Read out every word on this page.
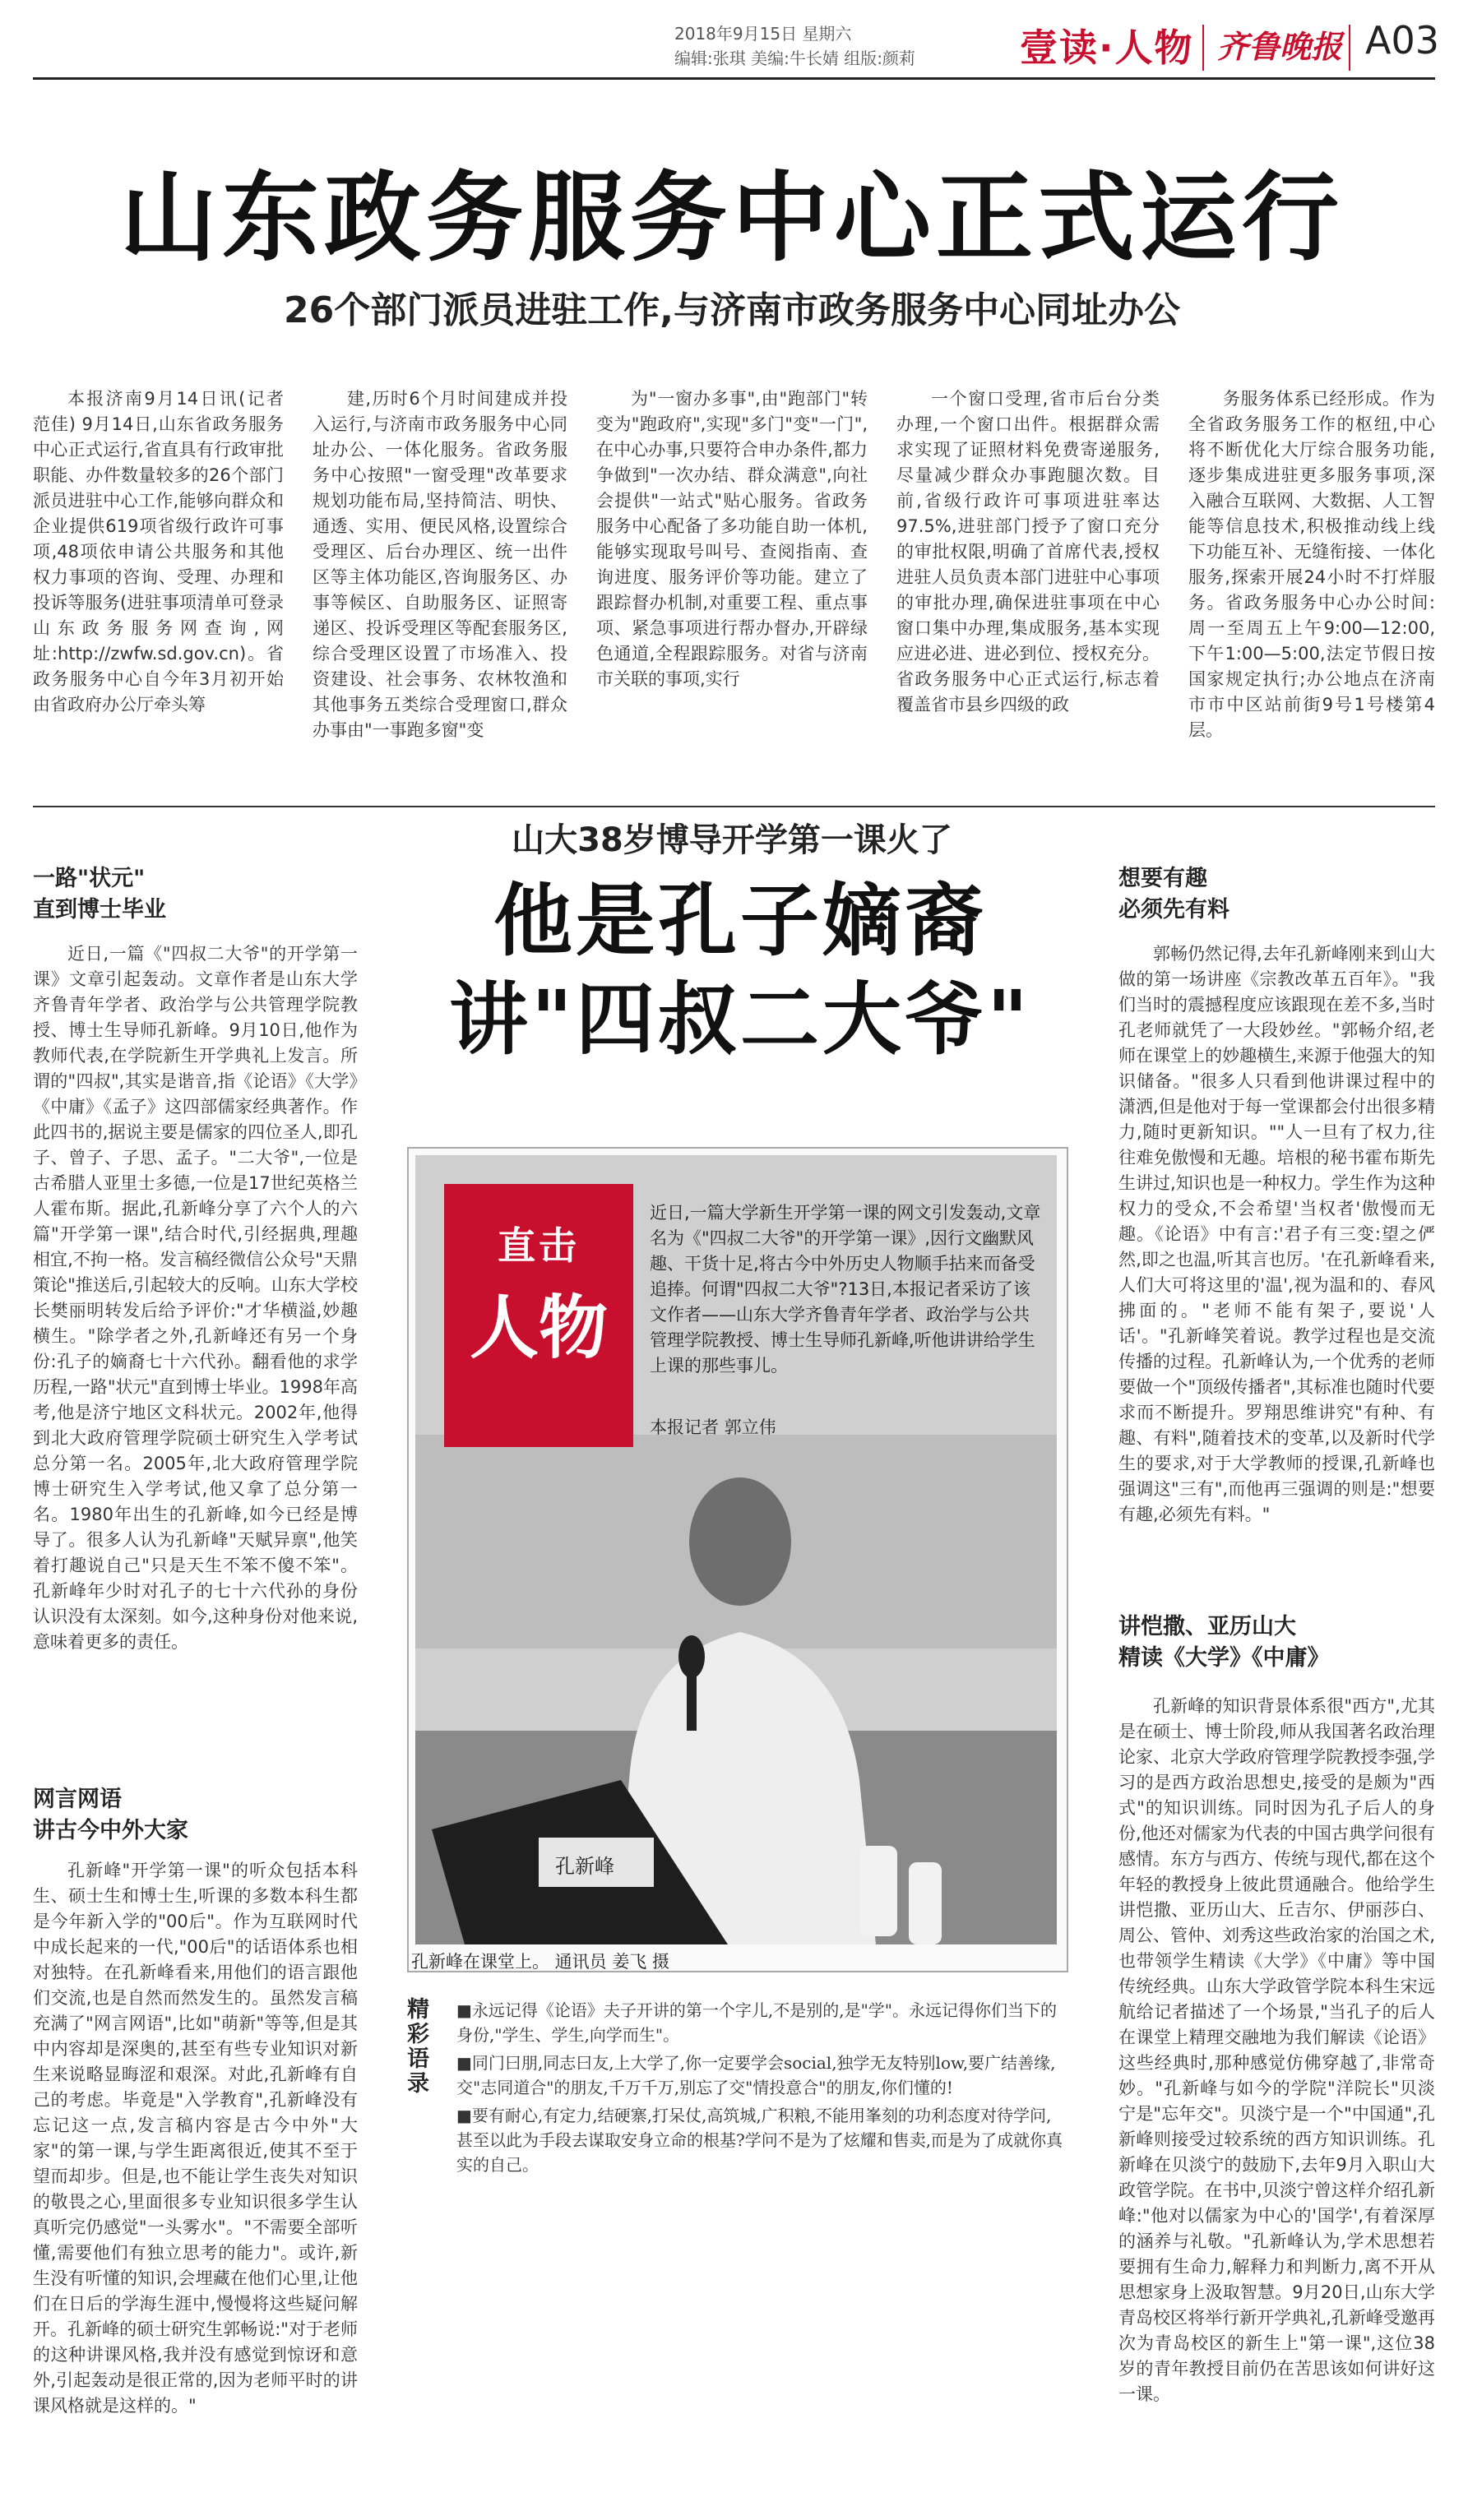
2018年9月15日 星期六
编辑:张琪 美编:牛长婧 组版:颜莉	壹读·人物 齐鲁晚报 A03
山东政务服务中心正式运行
26个部门派员进驻工作,与济南市政务服务中心同址办公

本报济南9月14日讯(记者 范佳) 9月14日,山东省政务服务中心正式运行,省直具有行政审批职能、办件数量较多的26个部门派员进驻中心工作,能够向群众和企业提供619项省级行政许可事项,48项依申请公共服务和其他权力事项的咨询、受理、办理和投诉等服务(进驻事项清单可登录山东政务服务网查询,网址:http://zwfw.sd.gov.cn)。省政务服务中心自今年3月初开始由省政府办公厅牵头筹

建,历时6个月时间建成并投入运行,与济南市政务服务中心同址办公、一体化服务。省政务服务中心按照"一窗受理"改革要求规划功能布局,坚持简洁、明快、通透、实用、便民风格,设置综合受理区、后台办理区、统一出件区等主体功能区,咨询服务区、办事等候区、自助服务区、证照寄递区、投诉受理区等配套服务区,综合受理区设置了市场准入、投资建设、社会事务、农林牧渔和其他事务五类综合受理窗口,群众办事由"一事跑多窗"变

为"一窗办多事",由"跑部门"转变为"跑政府",实现"多门"变"一门",在中心办事,只要符合申办条件,都力争做到"一次办结、群众满意",向社会提供"一站式"贴心服务。省政务服务中心配备了多功能自助一体机,能够实现取号叫号、查阅指南、查询进度、服务评价等功能。建立了跟踪督办机制,对重要工程、重点事项、紧急事项进行帮办督办,开辟绿色通道,全程跟踪服务。对省与济南市关联的事项,实行

一个窗口受理,省市后台分类办理,一个窗口出件。根据群众需求实现了证照材料免费寄递服务,尽量减少群众办事跑腿次数。目前,省级行政许可事项进驻率达97.5%,进驻部门授予了窗口充分的审批权限,明确了首席代表,授权进驻人员负责本部门进驻中心事项的审批办理,确保进驻事项在中心窗口集中办理,集成服务,基本实现应进必进、进必到位、授权充分。省政务服务中心正式运行,标志着覆盖省市县乡四级的政

务服务体系已经形成。作为全省政务服务工作的枢纽,中心将不断优化大厅综合服务功能,逐步集成进驻更多服务事项,深入融合互联网、大数据、人工智能等信息技术,积极推动线上线下功能互补、无缝衔接、一体化服务,探索开展24小时不打烊服务。省政务服务中心办公时间:周一至周五上午9:00—12:00,下午1:00—5:00,法定节假日按国家规定执行;办公地点在济南市市中区站前街9号1号楼第4层。

山大38岁博导开学第一课火了
他是孔子嫡裔
讲"四叔二大爷"
一路"状元"
直到博士毕业

近日,一篇《"四叔二大爷"的开学第一课》文章引起轰动。文章作者是山东大学齐鲁青年学者、政治学与公共管理学院教授、博士生导师孔新峰。9月10日,他作为教师代表,在学院新生开学典礼上发言。所谓的"四叔",其实是谐音,指《论语》《大学》《中庸》《孟子》这四部儒家经典著作。作此四书的,据说主要是儒家的四位圣人,即孔子、曾子、子思、孟子。"二大爷",一位是古希腊人亚里士多德,一位是17世纪英格兰人霍布斯。据此,孔新峰分享了六个人的六篇"开学第一课",结合时代,引经据典,理趣相宜,不拘一格。发言稿经微信公众号"天鼎策论"推送后,引起较大的反响。山东大学校长樊丽明转发后给予评价:"才华横溢,妙趣横生。"除学者之外,孔新峰还有另一个身份:孔子的嫡裔七十六代孙。翻看他的求学历程,一路"状元"直到博士毕业。1998年高考,他是济宁地区文科状元。2002年,他得到北大政府管理学院硕士研究生入学考试总分第一名。2005年,北大政府管理学院博士研究生入学考试,他又拿了总分第一名。1980年出生的孔新峰,如今已经是博导了。很多人认为孔新峰"天赋异禀",他笑着打趣说自己"只是天生不笨不傻不笨"。孔新峰年少时对孔子的七十六代孙的身份认识没有太深刻。如今,这种身份对他来说,意味着更多的责任。

网言网语
讲古今中外大家

孔新峰"开学第一课"的听众包括本科生、硕士生和博士生,听课的多数本科生都是今年新入学的"00后"。作为互联网时代中成长起来的一代,"00后"的话语体系也相对独特。在孔新峰看来,用他们的语言跟他们交流,也是自然而然发生的。虽然发言稿充满了"网言网语",比如"萌新"等等,但是其中内容却是深奥的,甚至有些专业知识对新生来说略显晦涩和艰深。对此,孔新峰有自己的考虑。毕竟是"入学教育",孔新峰没有忘记这一点,发言稿内容是古今中外"大家"的第一课,与学生距离很近,使其不至于望而却步。但是,也不能让学生丧失对知识的敬畏之心,里面很多专业知识很多学生认真听完仍感觉"一头雾水"。"不需要全部听懂,需要他们有独立思考的能力"。或许,新生没有听懂的知识,会埋藏在他们心里,让他们在日后的学海生涯中,慢慢将这些疑问解开。孔新峰的硕士研究生郭畅说:"对于老师的这种讲课风格,我并没有感觉到惊讶和意外,引起轰动是很正常的,因为老师平时的讲课风格就是这样的。"

想要有趣
必须先有料

郭畅仍然记得,去年孔新峰刚来到山大做的第一场讲座《宗教改革五百年》。"我们当时的震撼程度应该跟现在差不多,当时孔老师就凭了一大段妙丝。"郭畅介绍,老师在课堂上的妙趣横生,来源于他强大的知识储备。"很多人只看到他讲课过程中的潇洒,但是他对于每一堂课都会付出很多精力,随时更新知识。""人一旦有了权力,往往难免傲慢和无趣。培根的秘书霍布斯先生讲过,知识也是一种权力。学生作为这种权力的受众,不会希望'当权者'傲慢而无趣。《论语》中有言:'君子有三变:望之俨然,即之也温,听其言也厉。'在孔新峰看来,人们大可将这里的'温',视为温和的、春风拂面的。"老师不能有架子,要说'人话'。"孔新峰笑着说。教学过程也是交流传播的过程。孔新峰认为,一个优秀的老师要做一个"顶级传播者",其标准也随时代要求而不断提升。罗翔思维讲究"有种、有趣、有料",随着技术的变革,以及新时代学生的要求,对于大学教师的授课,孔新峰也强调这"三有",而他再三强调的则是:"想要有趣,必须先有料。"

讲恺撒、亚历山大
精读《大学》《中庸》

孔新峰的知识背景体系很"西方",尤其是在硕士、博士阶段,师从我国著名政治理论家、北京大学政府管理学院教授李强,学习的是西方政治思想史,接受的是颇为"西式"的知识训练。同时因为孔子后人的身份,他还对儒家为代表的中国古典学问很有感情。东方与西方、传统与现代,都在这个年轻的教授身上彼此贯通融合。他给学生讲恺撒、亚历山大、丘吉尔、伊丽莎白、周公、管仲、刘秀这些政治家的治国之术,也带领学生精读《大学》《中庸》等中国传统经典。山东大学政管学院本科生宋远航给记者描述了一个场景,"当孔子的后人在课堂上精理交融地为我们解读《论语》这些经典时,那种感觉仿佛穿越了,非常奇妙。"孔新峰与如今的学院"洋院长"贝淡宁是"忘年交"。贝淡宁是一个"中国通",孔新峰则接受过较系统的西方知识训练。孔新峰在贝淡宁的鼓励下,去年9月入职山大政管学院。在书中,贝淡宁曾这样介绍孔新峰:"他对以儒家为中心的'国学',有着深厚的涵养与礼敬。"孔新峰认为,学术思想若要拥有生命力,解释力和判断力,离不开从思想家身上汲取智慧。9月20日,山东大学青岛校区将举行新开学典礼,孔新峰受邀再次为青岛校区的新生上"第一课",这位38岁的青年教授目前仍在苦思该如何讲好这一课。

孔新峰
直击
人物
近日,一篇大学新生开学第一课的网文引发轰动,文章名为《"四叔二大爷"的开学第一课》,因行文幽默风趣、干货十足,将古今中外历史人物顺手拈来而备受追捧。何谓"四叔二大爷"?13日,本报记者采访了该文作者——山东大学齐鲁青年学者、政治学与公共管理学院教授、博士生导师孔新峰,听他讲讲给学生上课的那些事儿。
本报记者 郭立伟
孔新峰在课堂上。 通讯员 姜飞 摄
精彩语录

■永远记得《论语》夫子开讲的第一个字儿,不是别的,是"学"。永远记得你们当下的身份,"学生、学生,向学而生"。

■同门曰朋,同志曰友,上大学了,你一定要学会social,独学无友特别low,要广结善缘,交"志同道合"的朋友,千万千万,别忘了交"情投意合"的朋友,你们懂的!

■要有耐心,有定力,结硬寨,打呆仗,高筑城,广积粮,不能用峯刻的功利态度对待学问,甚至以此为手段去谋取安身立命的根基?学问不是为了炫耀和售卖,而是为了成就你真实的自己。
